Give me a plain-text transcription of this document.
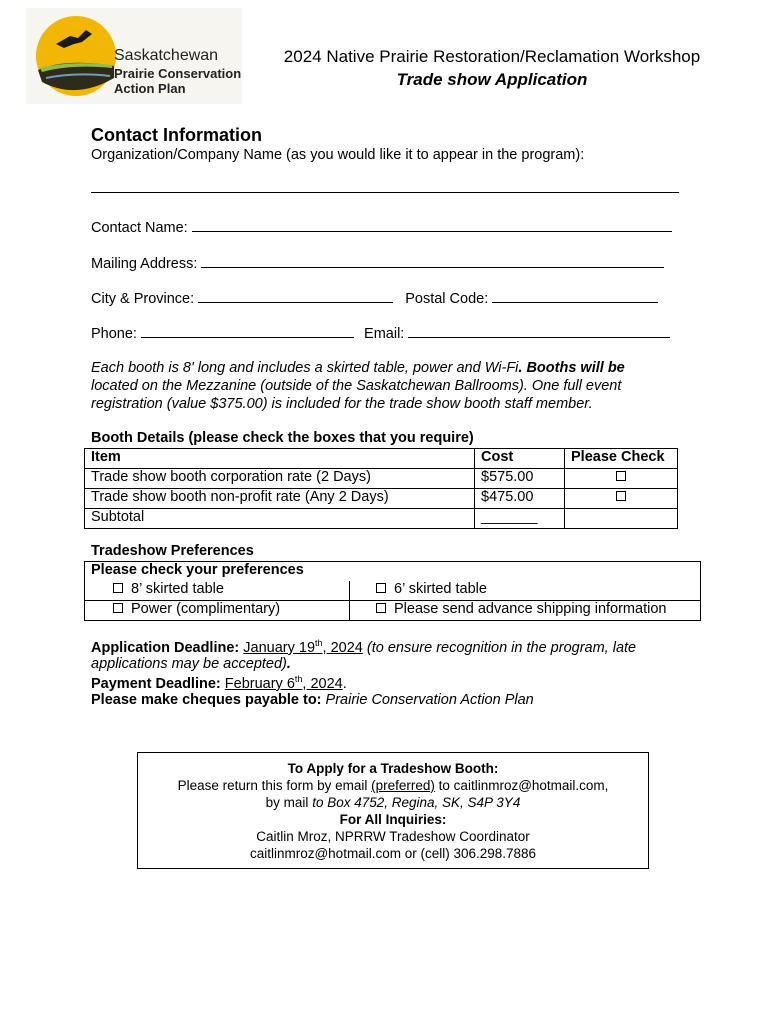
Saskatchewan
Prairie Conservation
Action Plan
2024 Native Prairie Restoration/Reclamation Workshop
Trade show Application
Contact Information
Organization/Company Name (as you would like it to appear in the program):
Contact Name:
Mailing Address:
City & Province:	Postal Code:
Phone:	Email:
Each booth is 8' long and includes a skirted table, power and Wi-Fi. Booths will be
located on the Mezzanine (outside of the Saskatchewan Ballrooms). One full event
registration (value $375.00) is included for the trade show booth staff member.
Booth Details (please check the boxes that you require)
Item	Cost	Please Check
Trade show booth corporation rate (2 Days)	$575.00	
Trade show booth non-profit rate (Any 2 Days)	$475.00	
Subtotal	_______	
Tradeshow Preferences
Please check your preferences	
8’ skirted table	6’ skirted table
Power (complimentary)	Please send advance shipping information
Application Deadline: January 19th, 2024 (to ensure recognition in the program, late
applications may be accepted).
Payment Deadline: February 6th, 2024.
Please make cheques payable to: Prairie Conservation Action Plan
To Apply for a Tradeshow Booth:
Please return this form by email (preferred) to caitlinmroz@hotmail.com,
by mail to Box 4752, Regina, SK, S4P 3Y4
For All Inquiries:
Caitlin Mroz, NPRRW Tradeshow Coordinator
caitlinmroz@hotmail.com or (cell) 306.298.7886
